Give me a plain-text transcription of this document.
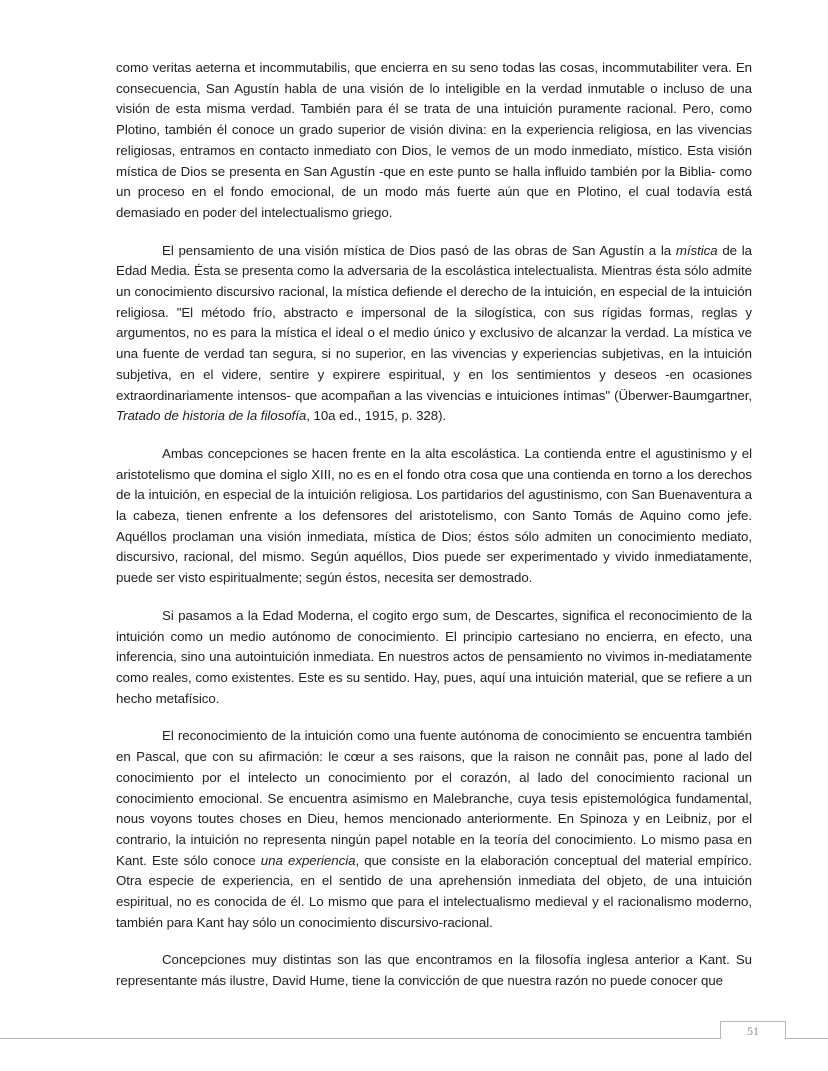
como veritas aeterna et incommutabilis, que encierra en su seno todas las cosas, incommutabiliter vera. En consecuencia, San Agustín habla de una visión de lo inteligible en la verdad inmutable o incluso de una visión de esta misma verdad. También para él se trata de una intuición puramente racional. Pero, como Plotino, también él conoce un grado superior de visión divina: en la experiencia religiosa, en las vivencias religiosas, entramos en contacto inmediato con Dios, le vemos de un modo inmediato, místico. Esta visión mística de Dios se presenta en San Agustín -que en este punto se halla influido también por la Biblia- como un proceso en el fondo emocional, de un modo más fuerte aún que en Plotino, el cual todavía está demasiado en poder del intelectualismo griego.

El pensamiento de una visión mística de Dios pasó de las obras de San Agustín a la mística de la Edad Media. Ésta se presenta como la adversaria de la escolástica intelectualista. Mientras ésta sólo admite un conocimiento discursivo racional, la mística defiende el derecho de la intuición, en especial de la intuición religiosa. "El método frío, abstracto e impersonal de la silogística, con sus rígidas formas, reglas y argumentos, no es para la mística el ideal o el medio único y exclusivo de alcanzar la verdad. La mística ve una fuente de verdad tan segura, si no superior, en las vivencias y experiencias subjetivas, en la intuición subjetiva, en el videre, sentire y expirere espiritual, y en los sentimientos y deseos -en ocasiones extraordinariamente intensos- que acompañan a las vivencias e intuiciones íntimas" (Überwer-Baumgartner, Tratado de historia de la filosofía, 10a ed., 1915, p. 328).

Ambas concepciones se hacen frente en la alta escolástica. La contienda entre el agustinismo y el aristotelismo que domina el siglo XIII, no es en el fondo otra cosa que una contienda en torno a los derechos de la intuición, en especial de la intuición religiosa. Los partidarios del agustinismo, con San Buenaventura a la cabeza, tienen enfrente a los defensores del aristotelismo, con Santo Tomás de Aquino como jefe. Aquéllos proclaman una visión inmediata, mística de Dios; éstos sólo admiten un conocimiento mediato, discursivo, racional, del mismo. Según aquéllos, Dios puede ser experimentado y vivido inmediatamente, puede ser visto espiritualmente; según éstos, necesita ser demostrado.

Si pasamos a la Edad Moderna, el cogito ergo sum, de Descartes, significa el reconocimiento de la intuición como un medio autónomo de conocimiento. El principio cartesiano no encierra, en efecto, una inferencia, sino una autointuición inmediata. En nuestros actos de pensamiento no vivimos in-mediatamente como reales, como existentes. Este es su sentido. Hay, pues, aquí una intuición material, que se refiere a un hecho metafísico.

El reconocimiento de la intuición como una fuente autónoma de conocimiento se encuentra también en Pascal, que con su afirmación: le cœur a ses raisons, que la raison ne connâit pas, pone al lado del conocimiento por el intelecto un conocimiento por el corazón, al lado del conocimiento racional un conocimiento emocional. Se encuentra asimismo en Malebranche, cuya tesis epistemológica fundamental, nous voyons toutes choses en Dieu, hemos mencionado anteriormente. En Spinoza y en Leibniz, por el contrario, la intuición no representa ningún papel notable en la teoría del conocimiento. Lo mismo pasa en Kant. Este sólo conoce una experiencia, que consiste en la elaboración conceptual del material empírico. Otra especie de experiencia, en el sentido de una aprehensión inmediata del objeto, de una intuición espiritual, no es conocida de él. Lo mismo que para el intelectualismo medieval y el racionalismo moderno, también para Kant hay sólo un conocimiento discursivo-racional.

Concepciones muy distintas son las que encontramos en la filosofía inglesa anterior a Kant. Su representante más ilustre, David Hume, tiene la convicción de que nuestra razón no puede conocer que

51
